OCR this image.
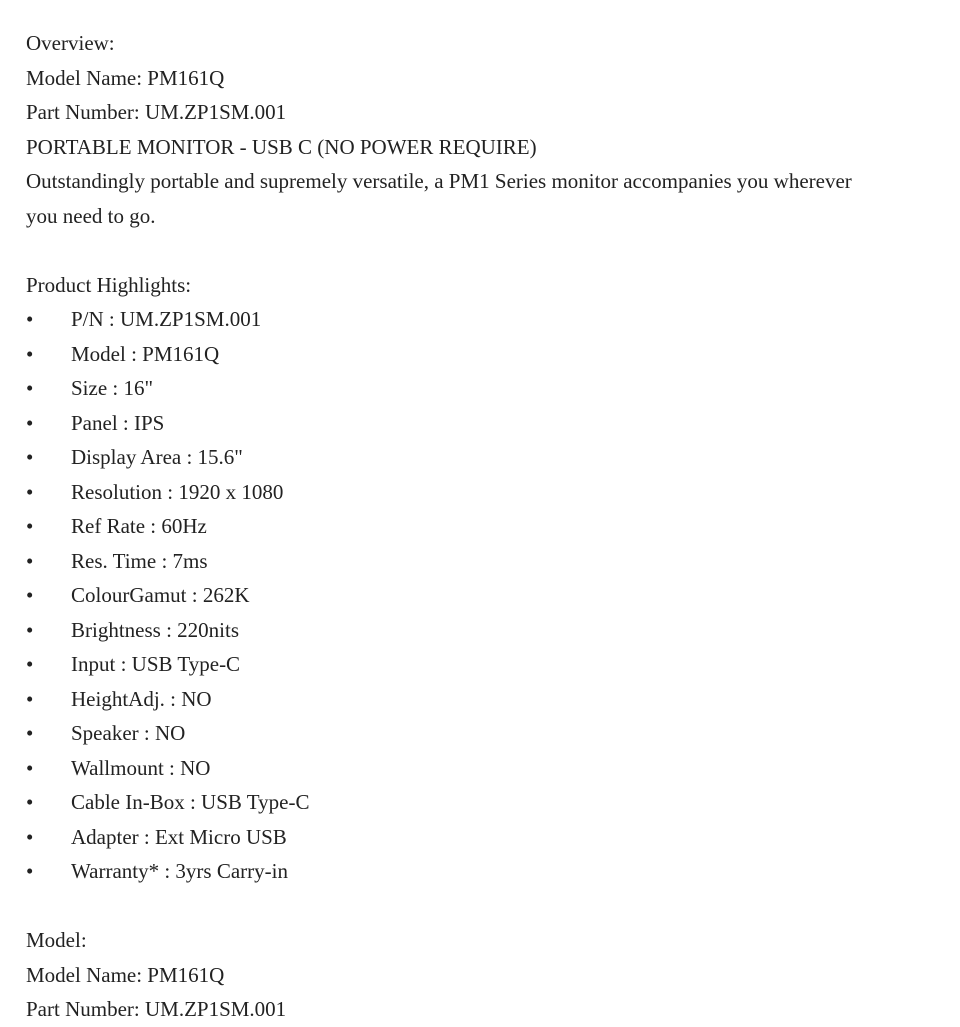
Overview:
Model Name: PM161Q
Part Number: UM.ZP1SM.001
PORTABLE MONITOR - USB C (NO POWER REQUIRE)
Outstandingly portable and supremely versatile, a PM1 Series monitor accompanies you wherever you need to go.
Product Highlights:
• P/N : UM.ZP1SM.001
• Model : PM161Q
• Size : 16"
• Panel : IPS
• Display Area : 15.6"
• Resolution : 1920 x 1080
• Ref Rate : 60Hz
• Res. Time : 7ms
• ColourGamut : 262K
• Brightness : 220nits
• Input : USB Type-C
• HeightAdj. : NO
• Speaker : NO
• Wallmount : NO
• Cable In-Box : USB Type-C
• Adapter : Ext Micro USB
• Warranty* : 3yrs Carry-in
Model:
Model Name: PM161Q
Part Number: UM.ZP1SM.001
